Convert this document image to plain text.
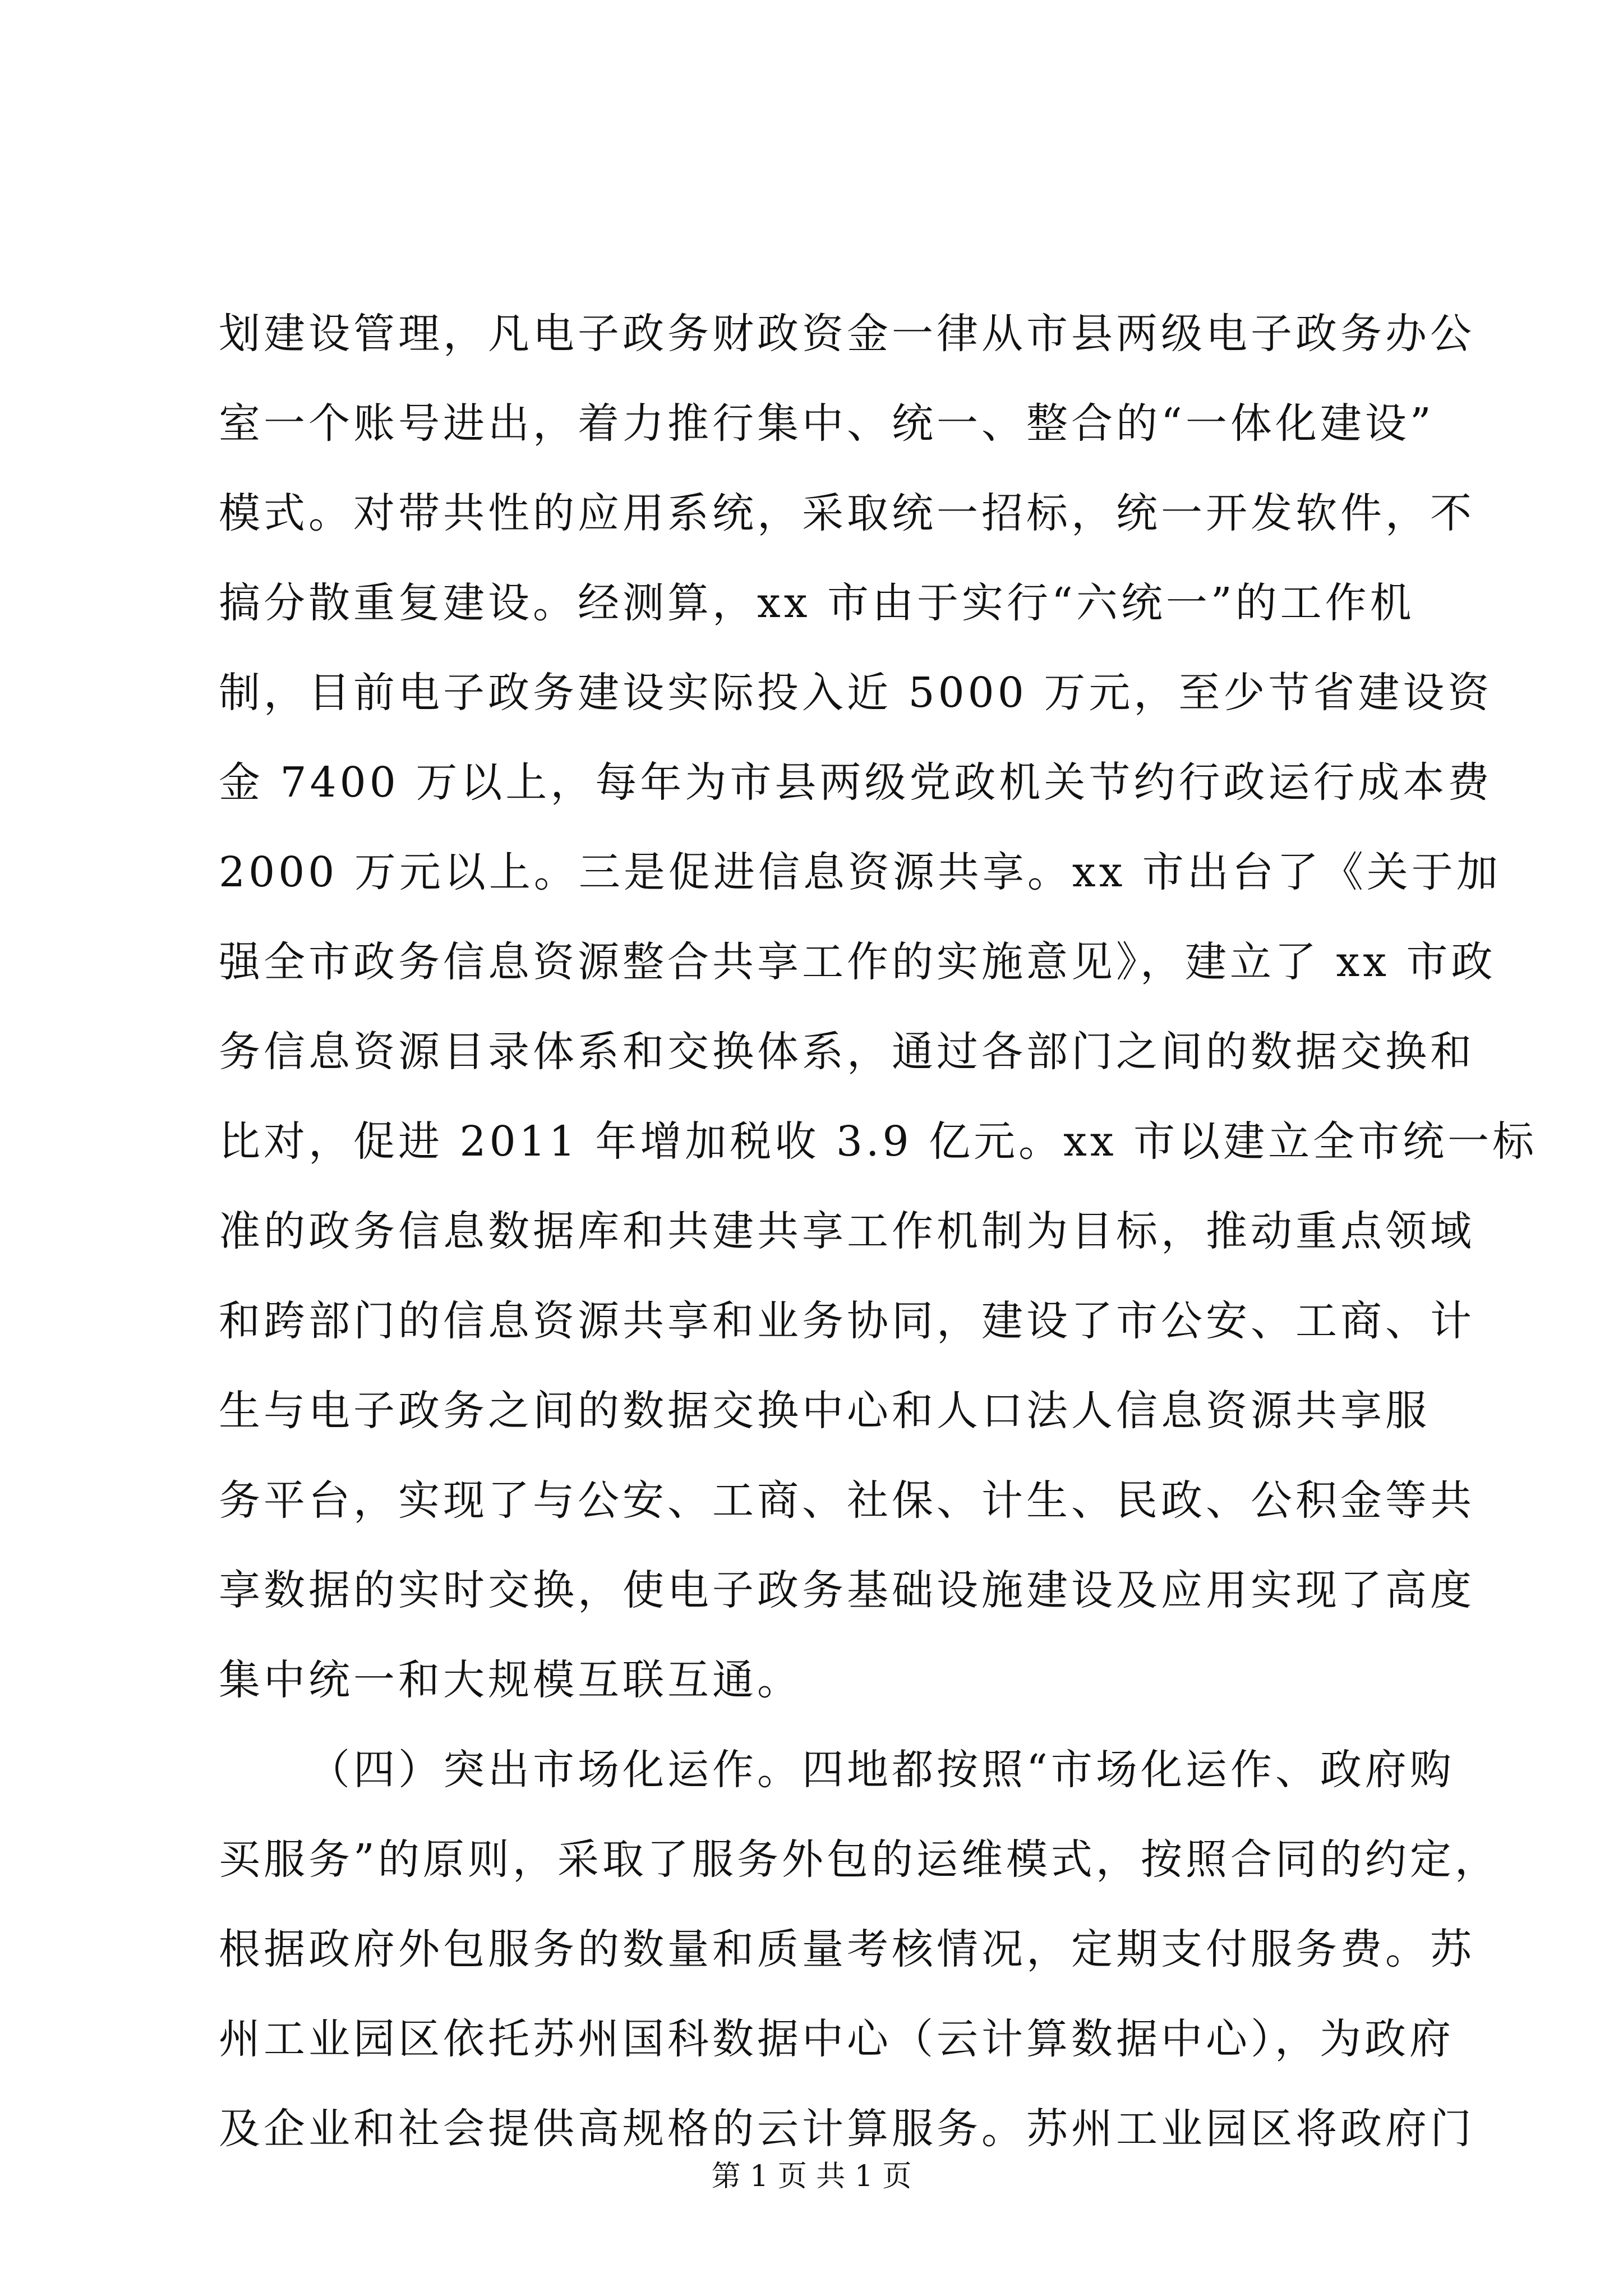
划建设管理，凡电子政务财政资金一律从市县两级电子政务办公
室一个账号进出，着力推行集中、统一、整合的“一体化建设”
模式。对带共性的应用系统，采取统一招标，统一开发软件，不
搞分散重复建设。经测算，xx 市由于实行“六统一”的工作机
制，目前电子政务建设实际投入近 5000 万元，至少节省建设资
金 7400 万以上，每年为市县两级党政机关节约行政运行成本费
2000 万元以上。三是促进信息资源共享。xx 市出台了《关于加
强全市政务信息资源整合共享工作的实施意见》，建立了 xx 市政
务信息资源目录体系和交换体系，通过各部门之间的数据交换和
比对，促进 2011 年增加税收 3.9 亿元。xx 市以建立全市统一标
准的政务信息数据库和共建共享工作机制为目标，推动重点领域
和跨部门的信息资源共享和业务协同，建设了市公安、工商、计
生与电子政务之间的数据交换中心和人口法人信息资源共享服
务平台，实现了与公安、工商、社保、计生、民政、公积金等共
享数据的实时交换，使电子政务基础设施建设及应用实现了高度
集中统一和大规模互联互通。
（四）突出市场化运作。四地都按照“市场化运作、政府购
买服务”的原则，采取了服务外包的运维模式，按照合同的约定，
根据政府外包服务的数量和质量考核情况，定期支付服务费。苏
州工业园区依托苏州国科数据中心（云计算数据中心），为政府
及企业和社会提供高规格的云计算服务。苏州工业园区将政府门
第 1 页 共 1 页
